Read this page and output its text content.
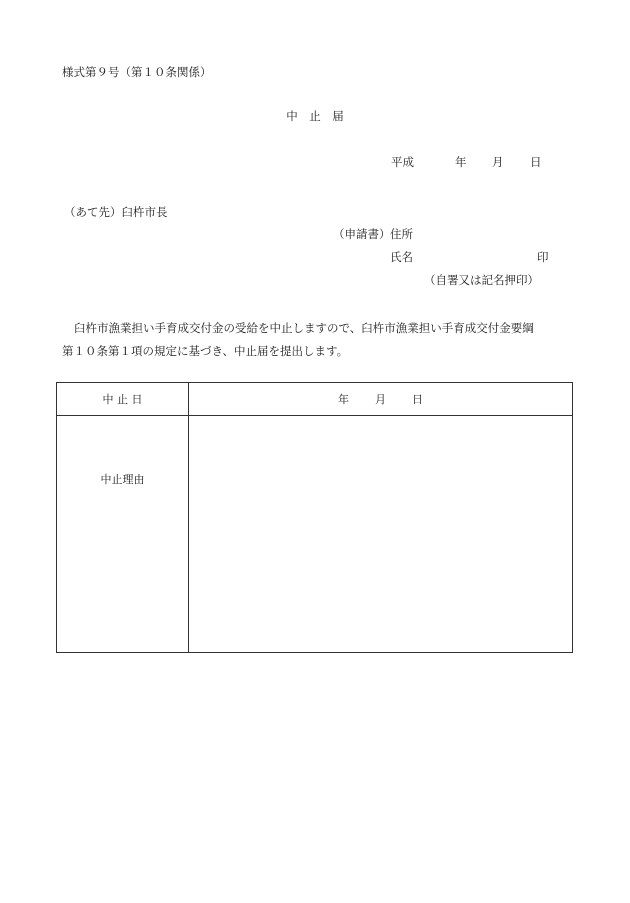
様式第９号（第１０条関係）
中　止　届
平成	年 月 日
（あて先）臼杵市長
（申請書） 住所
氏名	印
（自署又は記名押印）
臼杵市漁業担い手育成交付金の受給を中止しますので、臼杵市漁業担い手育成交付金要綱
第１０条第１項の規定に基づき、中止届を提出します。
中 止 日	年 月 日

中止理由	
